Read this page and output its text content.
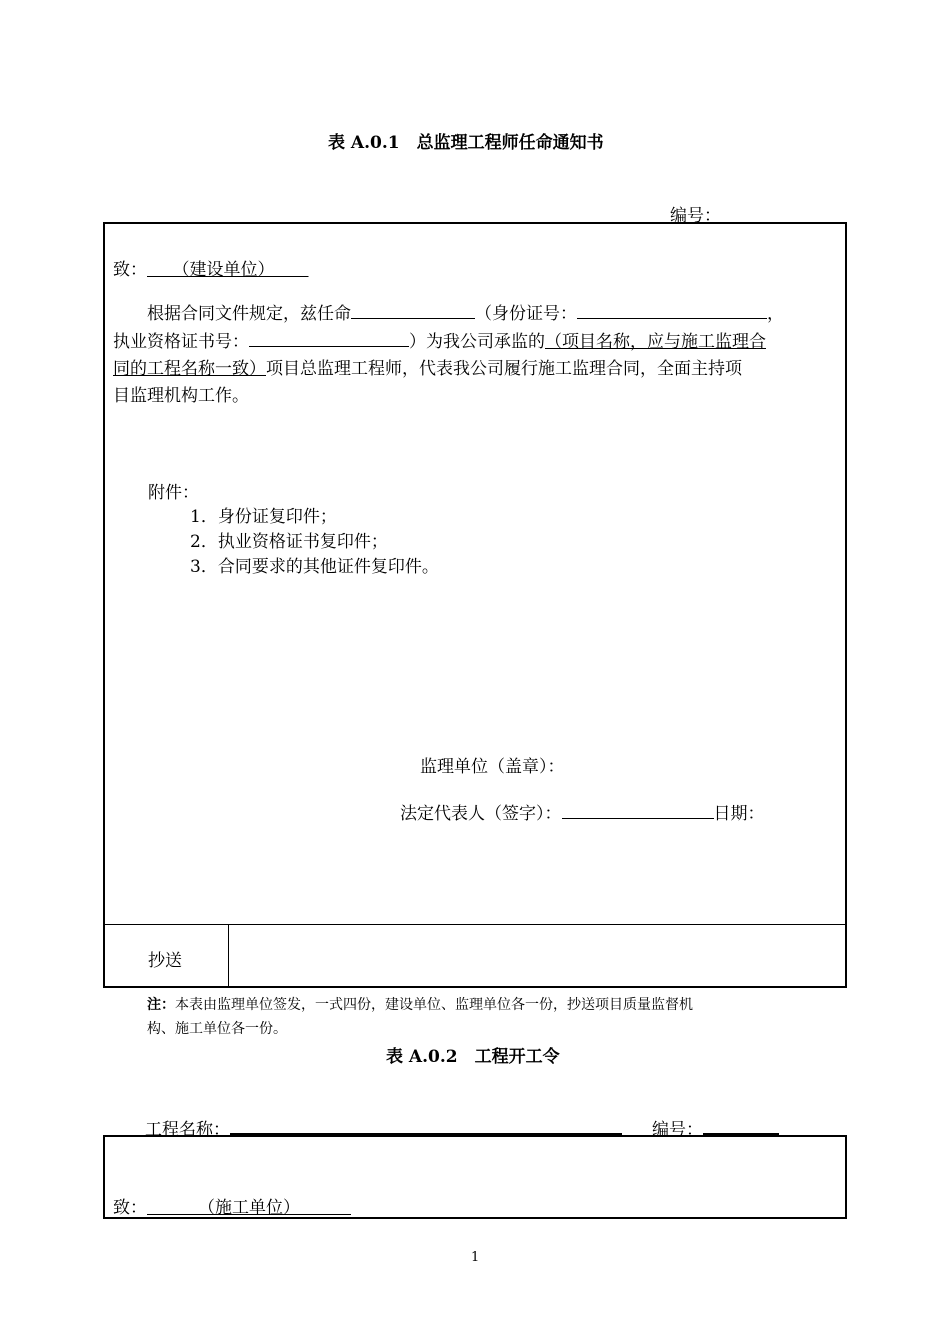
表 A.0.1　总监理工程师任命通知书
编号：
致：    （建设单位）    
　　根据合同文件规定，兹任命	（身份证号：	，
执业资格证书号：	）为我公司承监的（项目名称，应与施工监理合
同的工程名称一致）项目总监理工程师，代表我公司履行施工监理合同，全面主持项
目监理机构工作。
附件：
1．身份证复印件；
2．执业资格证书复印件；
3．合同要求的其他证件复印件。
监理单位（盖章）：
法定代表人（签字）：	日期：
抄送
注：本表由监理单位签发，一式四份，建设单位、监理单位各一份，抄送项目质量监督机
构、施工单位各一份。
表 A.0.2　工程开工令
工程名称：	编号：
致：      	（施工单位）      
1
